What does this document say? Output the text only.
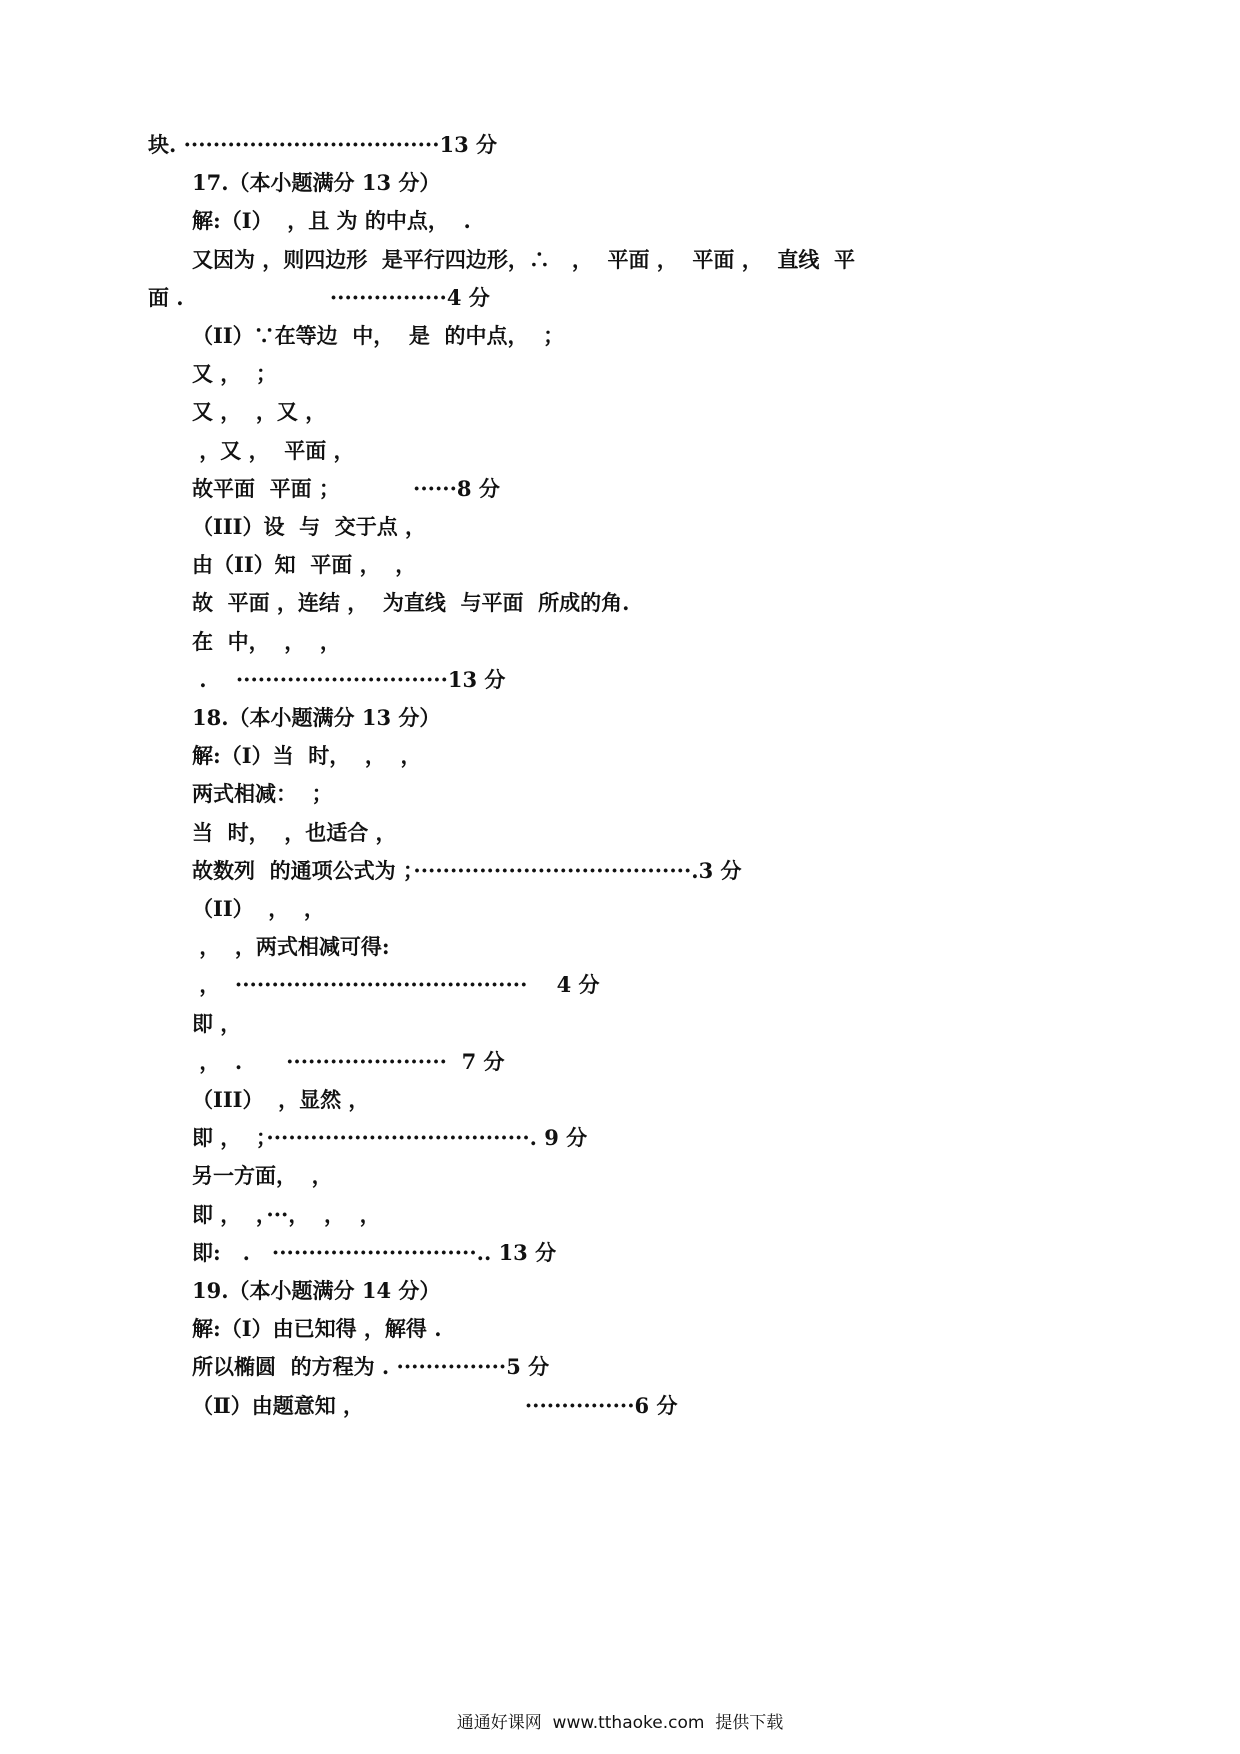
块. ···································13 分
17.（本小题满分 13 分）
解:（Ⅰ）  ，且 为 的中点，  .
又因为 ，则四边形  是平行四边形，∴   ，  平面 ，  平面 ，  直线  平
面 .                    ················4 分
（II）∵在等边  中，  是  的中点，  ；
又 ，  ；
又 ，  ，又 ，
，又 ，  平面 ，
故平面  平面 ；          ······8 分
（III）设  与  交于点 ，
由（II）知  平面 ，  ，
故  平面 ，连结 ，  为直线  与平面  所成的角.
在  中，  ，  ，
.    ·····························13 分
18.（本小题满分 13 分）
解:（I）当  时，  ，  ，
两式相减：  ；
当  时，  ，也适合 ，
故数列  的通项公式为 ；······································.3 分
（II）  ，  ，
，  ，两式相减可得:
，  ········································    4 分
即 ，
，  .      ······················  7 分
（III）  ，显然 ，
即 ，  ；····································. 9 分
另一方面，  ，
即 ，  ，···，  ，  ，
即:   .   ····························.. 13 分
19.（本小题满分 14 分）
解:（Ⅰ）由已知得 ，解得 .
所以椭圆  的方程为 . ···············5 分
（Ⅱ）由题意知 ，                      ···············6 分
通通好课网  www.tthaoke.com  提供下载
